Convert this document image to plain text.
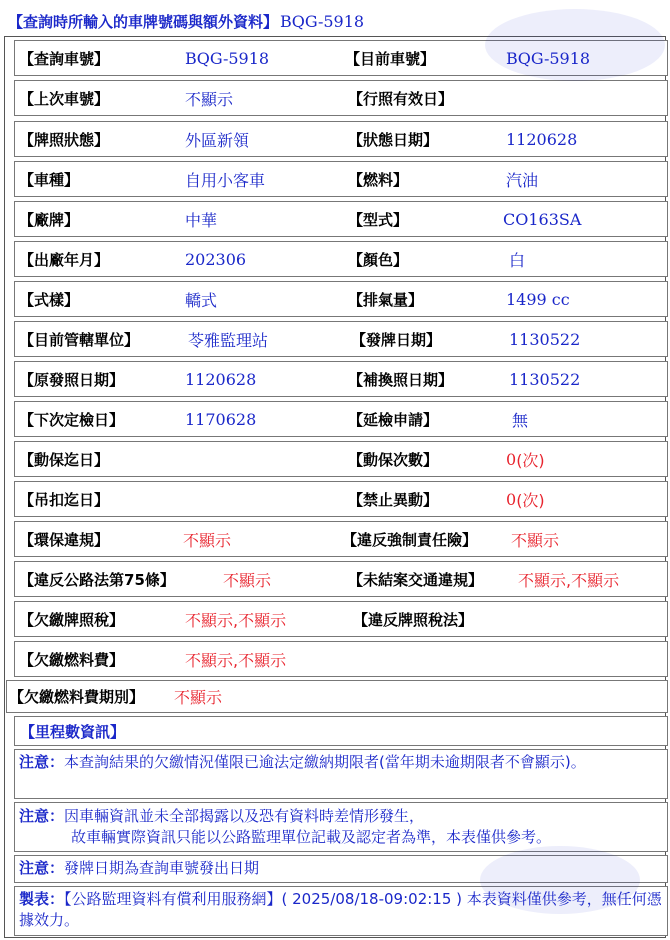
【查詢時所輸入的車牌號碼與額外資料】 BQG-5918
【查詢車號】	BQG-5918	【目前車號】	BQG-5918
【上次車號】	不顯示	【行照有效日】
【牌照狀態】	外區新領	【狀態日期】	1120628
【車種】	自用小客車	【燃料】	汽油
【廠牌】	中華	【型式】	CO163SA
【出廠年月】	202306	【顏色】	白
【式樣】	轎式	【排氣量】	1499 cc
【目前管轄單位】	苓雅監理站	【發牌日期】	1130522
【原發照日期】	1120628	【補換照日期】	1130522
【下次定檢日】	1170628	【延檢申請】	無
【動保迄日】	【動保次數】	0 (次)
【吊扣迄日】	【禁止異動】	0 (次)
【環保違規】	不顯示	【違反強制責任險】 不顯示
【違反公路法第75條】	不顯示	【未結案交通違規】 不顯示,不顯示
【欠繳牌照稅】	不顯示,不顯示	【違反牌照稅法】
【欠繳燃料費】	不顯示,不顯示
【欠繳燃料費期別】 不顯示
【里程數資訊】
注意：本查詢結果的欠繳情況僅限已逾法定繳納期限者(當年期未逾期限者不會顯示)。
注意：因車輛資訊並未全部揭露以及恐有資料時差情形發生，
故車輛實際資訊只能以公路監理單位記載及認定者為準，本表僅供參考。
注意：發牌日期為查詢車號發出日期
製表：【公路監理資料有償利用服務網】( 2025/08/18-09:02:15 ) 本表資料僅供參考，無任何憑據效力。
